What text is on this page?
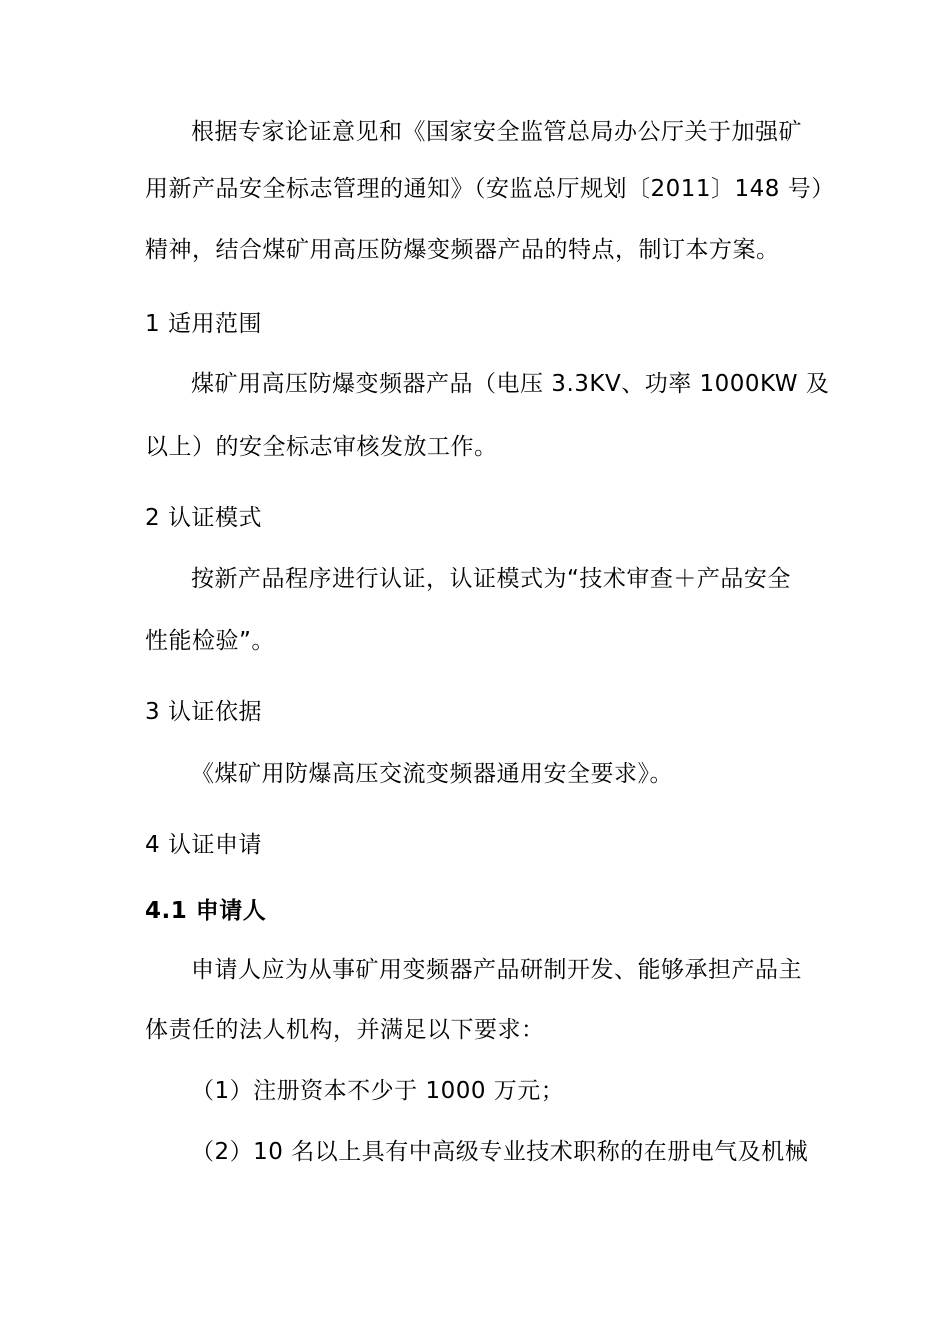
根据专家论证意见和《国家安全监管总局办公厅关于加强矿
用新产品安全标志管理的通知》（安监总厅规划〔2011〕148 号）
精神，结合煤矿用高压防爆变频器产品的特点，制订本方案。
1 适用范围
煤矿用高压防爆变频器产品（电压 3.3KV、功率 1000KW 及
以上）的安全标志审核发放工作。
2 认证模式
按新产品程序进行认证，认证模式为“技术审查＋产品安全
性能检验”。
3 认证依据
《煤矿用防爆高压交流变频器通用安全要求》。
4 认证申请
4.1 申请人
申请人应为从事矿用变频器产品研制开发、能够承担产品主
体责任的法人机构，并满足以下要求：
（1）注册资本不少于 1000 万元；
（2）10 名以上具有中高级专业技术职称的在册电气及机械
